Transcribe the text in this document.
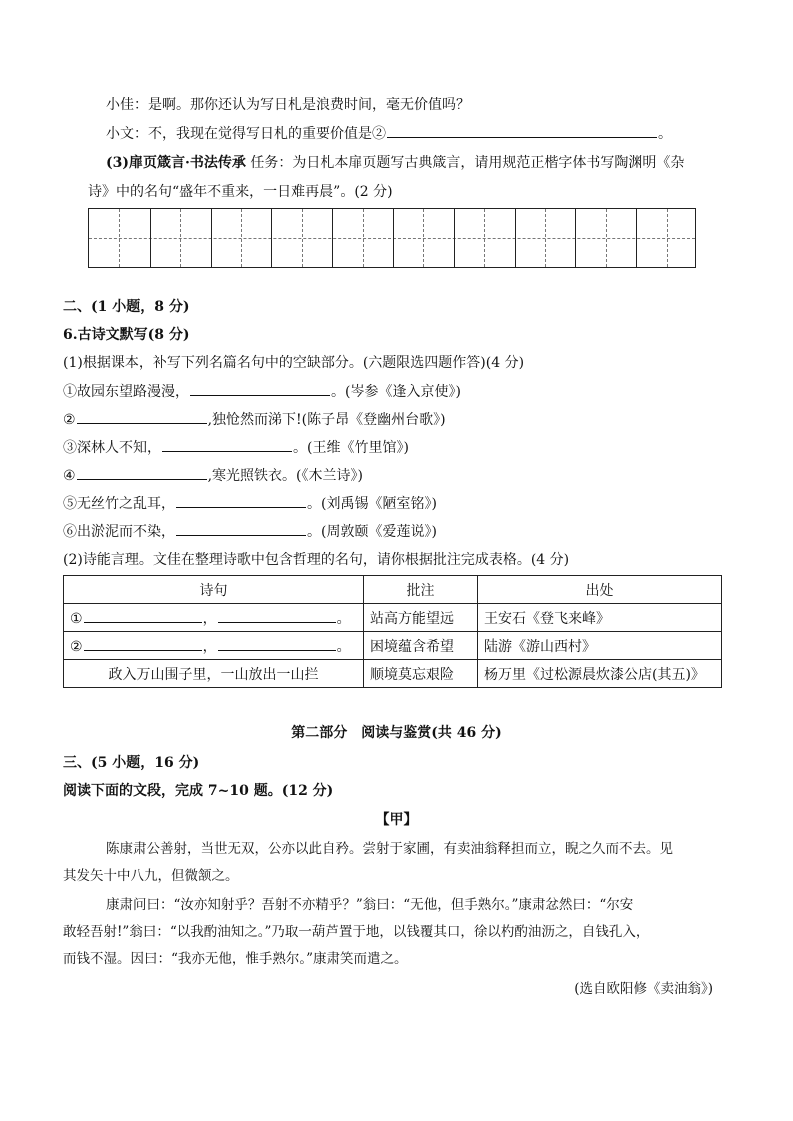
小佳：是啊。那你还认为写日札是浪费时间，毫无价值吗？
小文：不，我现在觉得写日札的重要价值是②	。
(3)扉页箴言·书法传承 任务：为日札本扉页题写古典箴言，请用规范正楷字体书写陶渊明《杂
诗》中的名句“盛年不重来，一日难再晨”。(2 分)
二、(1 小题，8 分)
6.古诗文默写(8 分)
(1)根据课本，补写下列名篇名句中的空缺部分。(六题限选四题作答)(4 分)
①故园东望路漫漫，	。(岑参《逢入京使》)
②	,独怆然而涕下!(陈子昂《登幽州台歌》)
③深林人不知，	。(王维《竹里馆》)
④	,寒光照铁衣。(《木兰诗》)
⑤无丝竹之乱耳，	。(刘禹锡《陋室铭》)
⑥出淤泥而不染，	。(周敦颐《爱莲说》)
(2)诗能言理。文佳在整理诗歌中包含哲理的名句，请你根据批注完成表格。(4 分)
诗句	批注	出处
① ， 。	站高方能望远	王安石《登飞来峰》
② ， 。	困境蕴含希望	陆游《游山西村》
政入万山围子里，一山放出一山拦	顺境莫忘艰险	杨万里《过松源晨炊漆公店(其五)》
第二部分　阅读与鉴赏(共 46 分)
三、(5 小题，16 分)
阅读下面的文段，完成 7~10 题。(12 分)
【甲】
陈康肃公善射，当世无双，公亦以此自矜。尝射于家圃，有卖油翁释担而立，睨之久而不去。见
其发矢十中八九，但微颔之。
康肃问曰：“汝亦知射乎？吾射不亦精乎？”翁曰：“无他，但手熟尔。”康肃忿然曰：“尔安
敢轻吾射!”翁曰：“以我酌油知之。”乃取一葫芦置于地，以钱覆其口，徐以杓酌油沥之，自钱孔入，
而钱不湿。因曰：“我亦无他，惟手熟尔。”康肃笑而遣之。
(选自欧阳修《卖油翁》)
